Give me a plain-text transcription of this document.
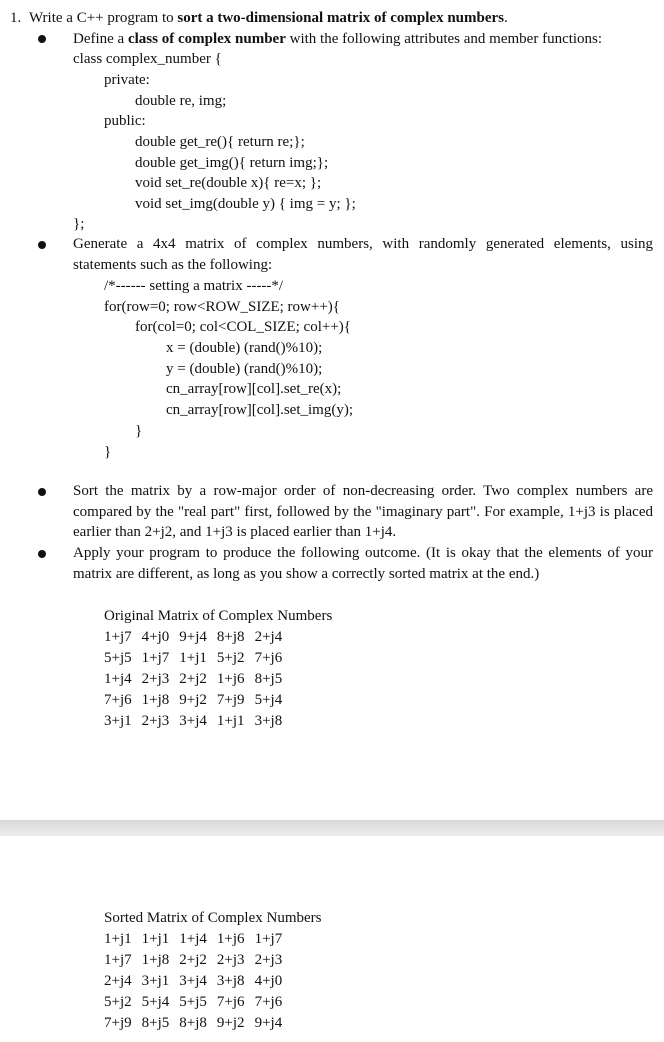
1. Write a C++ program to sort a two-dimensional matrix of complex numbers.
Define a class of complex number with the following attributes and member functions:
class complex_number {
private:
double re, img;
public:
double get_re(){ return re;};
double get_img(){ return img;};
void set_re(double x){ re=x; };
void set_img(double y) { img = y; };
};
Generate a 4x4 matrix of complex numbers, with randomly generated elements, using statements such as the following:
/*------ setting a matrix -----*/
for(row=0; row<ROW_SIZE; row++){
for(col=0; col<COL_SIZE; col++){
x = (double) (rand()%10);
y = (double) (rand()%10);
cn_array[row][col].set_re(x);
cn_array[row][col].set_img(y);
}
}
Sort the matrix by a row-major order of non-decreasing order. Two complex numbers are compared by the "real part" first, followed by the "imaginary part". For example, 1+j3 is placed earlier than 2+j2, and 1+j3 is placed earlier than 1+j4.
Apply your program to produce the following outcome. (It is okay that the elements of your matrix are different, as long as you show a correctly sorted matrix at the end.)
Original Matrix of Complex Numbers
1+j7 4+j0 9+j4 8+j8 2+j4
5+j5 1+j7 1+j1 5+j2 7+j6
1+j4 2+j3 2+j2 1+j6 8+j5
7+j6 1+j8 9+j2 7+j9 5+j4
3+j1 2+j3 3+j4 1+j1 3+j8
Sorted Matrix of Complex Numbers
1+j1 1+j1 1+j4 1+j6 1+j7
1+j7 1+j8 2+j2 2+j3 2+j3
2+j4 3+j1 3+j4 3+j8 4+j0
5+j2 5+j4 5+j5 7+j6 7+j6
7+j9 8+j5 8+j8 9+j2 9+j4
